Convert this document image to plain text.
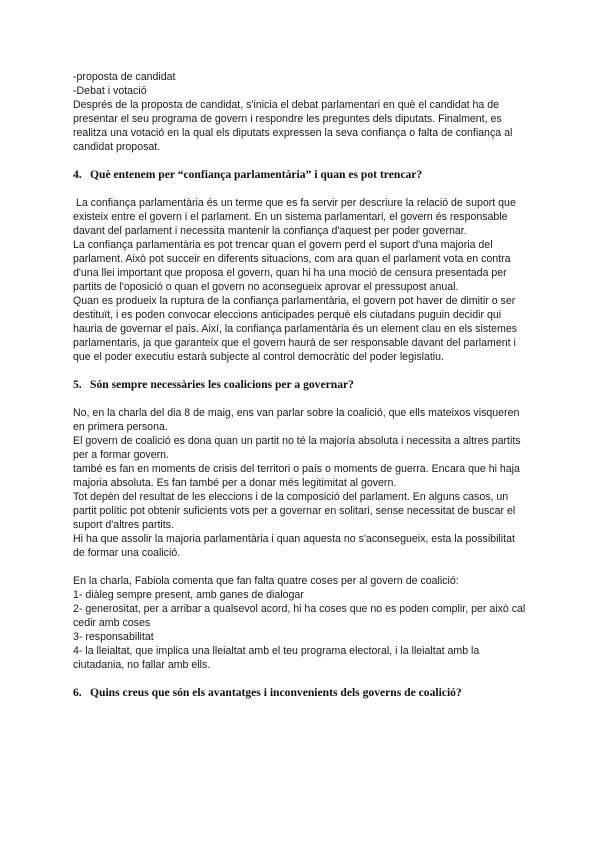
-proposta de candidat

-Debat i votació

Després de la proposta de candidat, s'inicia el debat parlamentari en què el candidat ha de presentar el seu programa de govern i respondre les preguntes dels diputats. Finalment, es realitza una votació en la qual els diputats expressen la seva confiança o falta de confiança al candidat proposat.

4. Què entenem per “confiança parlamentària” i quan es pot trencar?

La confiança parlamentària és un terme que es fa servir per descriure la relació de suport que existeix entre el govern i el parlament. En un sistema parlamentari, el govern és responsable davant del parlament i necessita mantenir la confiança d'aquest per poder governar.

La confiança parlamentària es pot trencar quan el govern perd el suport d'una majoria del parlament. Això pot succeir en diferents situacions, com ara quan el parlament vota en contra d'una llei important que proposa el govern, quan hi ha una moció de censura presentada per partits de l'oposició o quan el govern no aconsegueix aprovar el pressupost anual.

Quan es produeix la ruptura de la confiança parlamentària, el govern pot haver de dimitir o ser destituït, i es poden convocar eleccions anticipades perquè els ciutadans puguin decidir qui hauria de governar el país. Així, la confiança parlamentària és un element clau en els sistemes parlamentaris, ja que garanteix que el govern haurà de ser responsable davant del parlament i que el poder executiu estarà subjecte al control democràtic del poder legislatiu.

5. Són sempre necessàries les coalicions per a governar?

No, en la charla del dia 8 de maig, ens van parlar sobre la coalició, que ells mateixos visqueren en primera persona.

El govern de coalició es dona quan un partit no té la majoría absoluta i necessita a altres partits per a formar govern.

també es fan en moments de crisis del territori o país o moments de guerra. Encara que hi haja majoria absoluta. Es fan també per a donar més legitimitat al govern.

Tot depèn del resultat de les eleccions i de la composició del parlament. En alguns casos, un partit polític pot obtenir suficients vots per a governar en solitari, sense necessitat de buscar el suport d'altres partits.

Hi ha que assolir la majoria parlamentària i quan aquesta no s'aconsegueix, esta la possibilitat de formar una coalició.

En la charla, Fabiola comenta que fan falta quatre coses per al govern de coalició:

1- diàleg sempre present, amb ganes de dialogar

2- generositat, per a arribar a qualsevol acord, hi ha coses que no es poden complir, per això cal cedir amb coses

3- responsabilitat

4- la lleialtat, que implica una lleialtat amb el teu programa electoral, i la lleialtat amb la ciutadania, no fallar amb ells.

6. Quins creus que són els avantatges i inconvenients dels governs de coalició?
